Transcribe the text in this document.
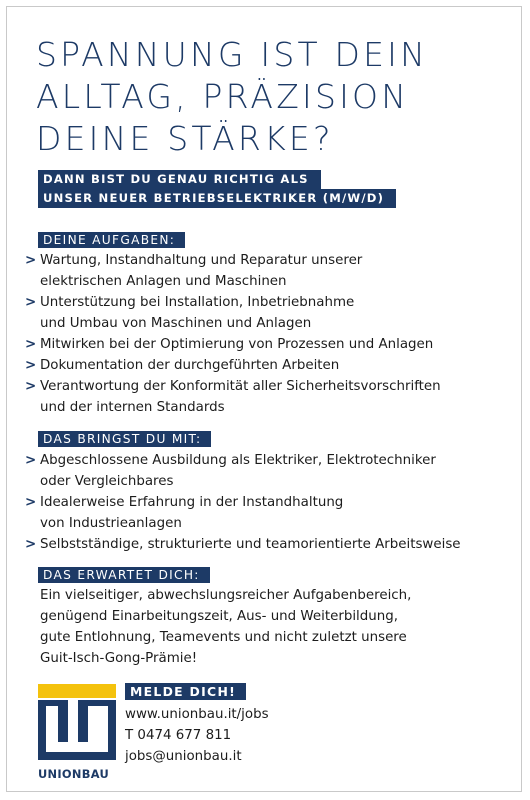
SPANNUNG IST DEIN
ALLTAG, PRÄZISION
DEINE STÄRKE?
DANN BIST DU GENAU RICHTIG ALS
UNSER NEUER BETRIEBSELEKTRIKER (M/W/D)
DEINE AUFGABEN:
> Wartung, Instandhaltung und Reparatur unserer
elektrischen Anlagen und Maschinen
> Unterstützung bei Installation, Inbetriebnahme
und Umbau von Maschinen und Anlagen
> Mitwirken bei der Optimierung von Prozessen und Anlagen
> Dokumentation der durchgeführten Arbeiten
> Verantwortung der Konformität aller Sicherheitsvorschriften
und der internen Standards
DAS BRINGST DU MIT:
> Abgeschlossene Ausbildung als Elektriker, Elektrotechniker
oder Vergleichbares
> Idealerweise Erfahrung in der Instandhaltung
von Industrieanlagen
> Selbstständige, strukturierte und teamorientierte Arbeitsweise
DAS ERWARTET DICH:

Ein vielseitiger, abwechslungsreicher Aufgabenbereich,
genügend Einarbeitungszeit, Aus- und Weiterbildung,
gute Entlohnung, Teamevents und nicht zuletzt unsere
Guit-Isch-Gong-Prämie!

UNIONBAU
MELDE DICH!
www.unionbau.it/jobs
T 0474 677 811
jobs@unionbau.it
